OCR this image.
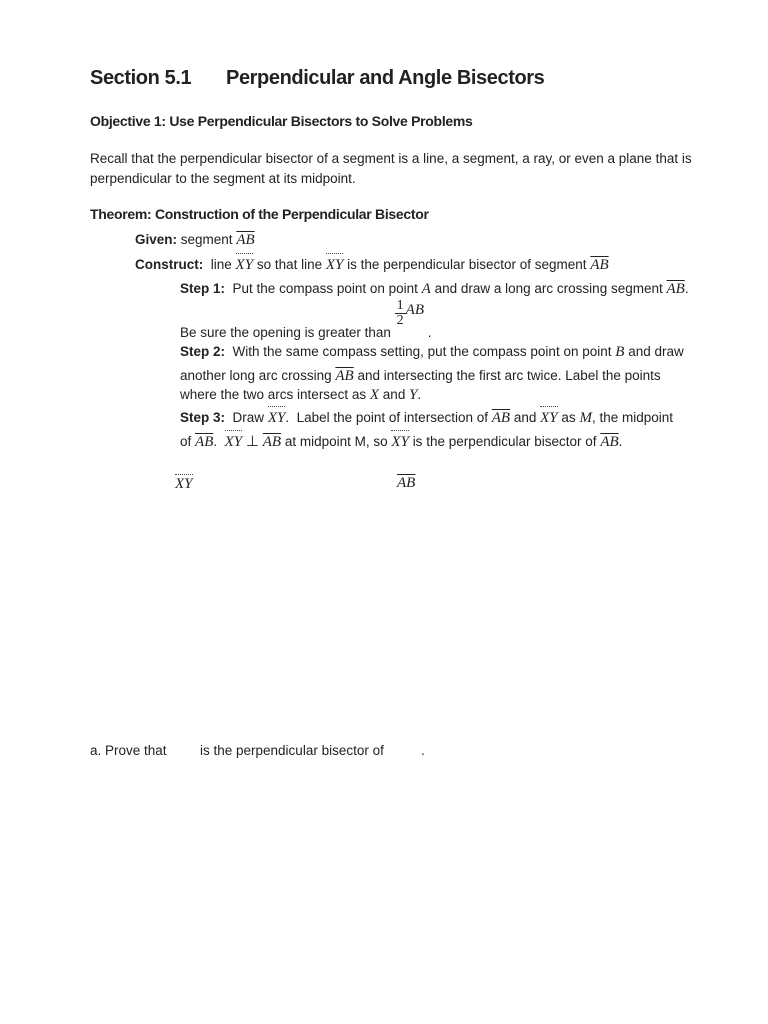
Section 5.1 Perpendicular and Angle Bisectors
Objective 1: Use Perpendicular Bisectors to Solve Problems
Recall that the perpendicular bisector of a segment is a line, a segment, a ray, or even a plane that is
perpendicular to the segment at its midpoint.
Theorem: Construction of the Perpendicular Bisector
Given: segment $\overline{AB}$
Construct: line XY so that line XY is the perpendicular bisector of segment $\overline{AB}$
Step 1: Put the compass point on point A and draw a long arc crossing segment $\overline{AB}$.
Be sure the opening is greater than
$\frac{1}{2}$ AB .
Step 2: With the same compass setting, put the compass point on point B and draw
another long arc crossing $\overline{AB}$ and intersecting the first arc twice. Label the points
where the two arcs intersect as X and Y.
Step 3: Draw XY.  Label the point of intersection of $\overline{AB}$ and XY as M, the midpoint
of $\overline{AB}$.  XY ⊥ $\overline{AB}$ at midpoint M, so XY is the perpendicular bisector of $\overline{AB}$.
XY	$\overline{AB}$
a. Prove that is the perpendicular bisector of	.
